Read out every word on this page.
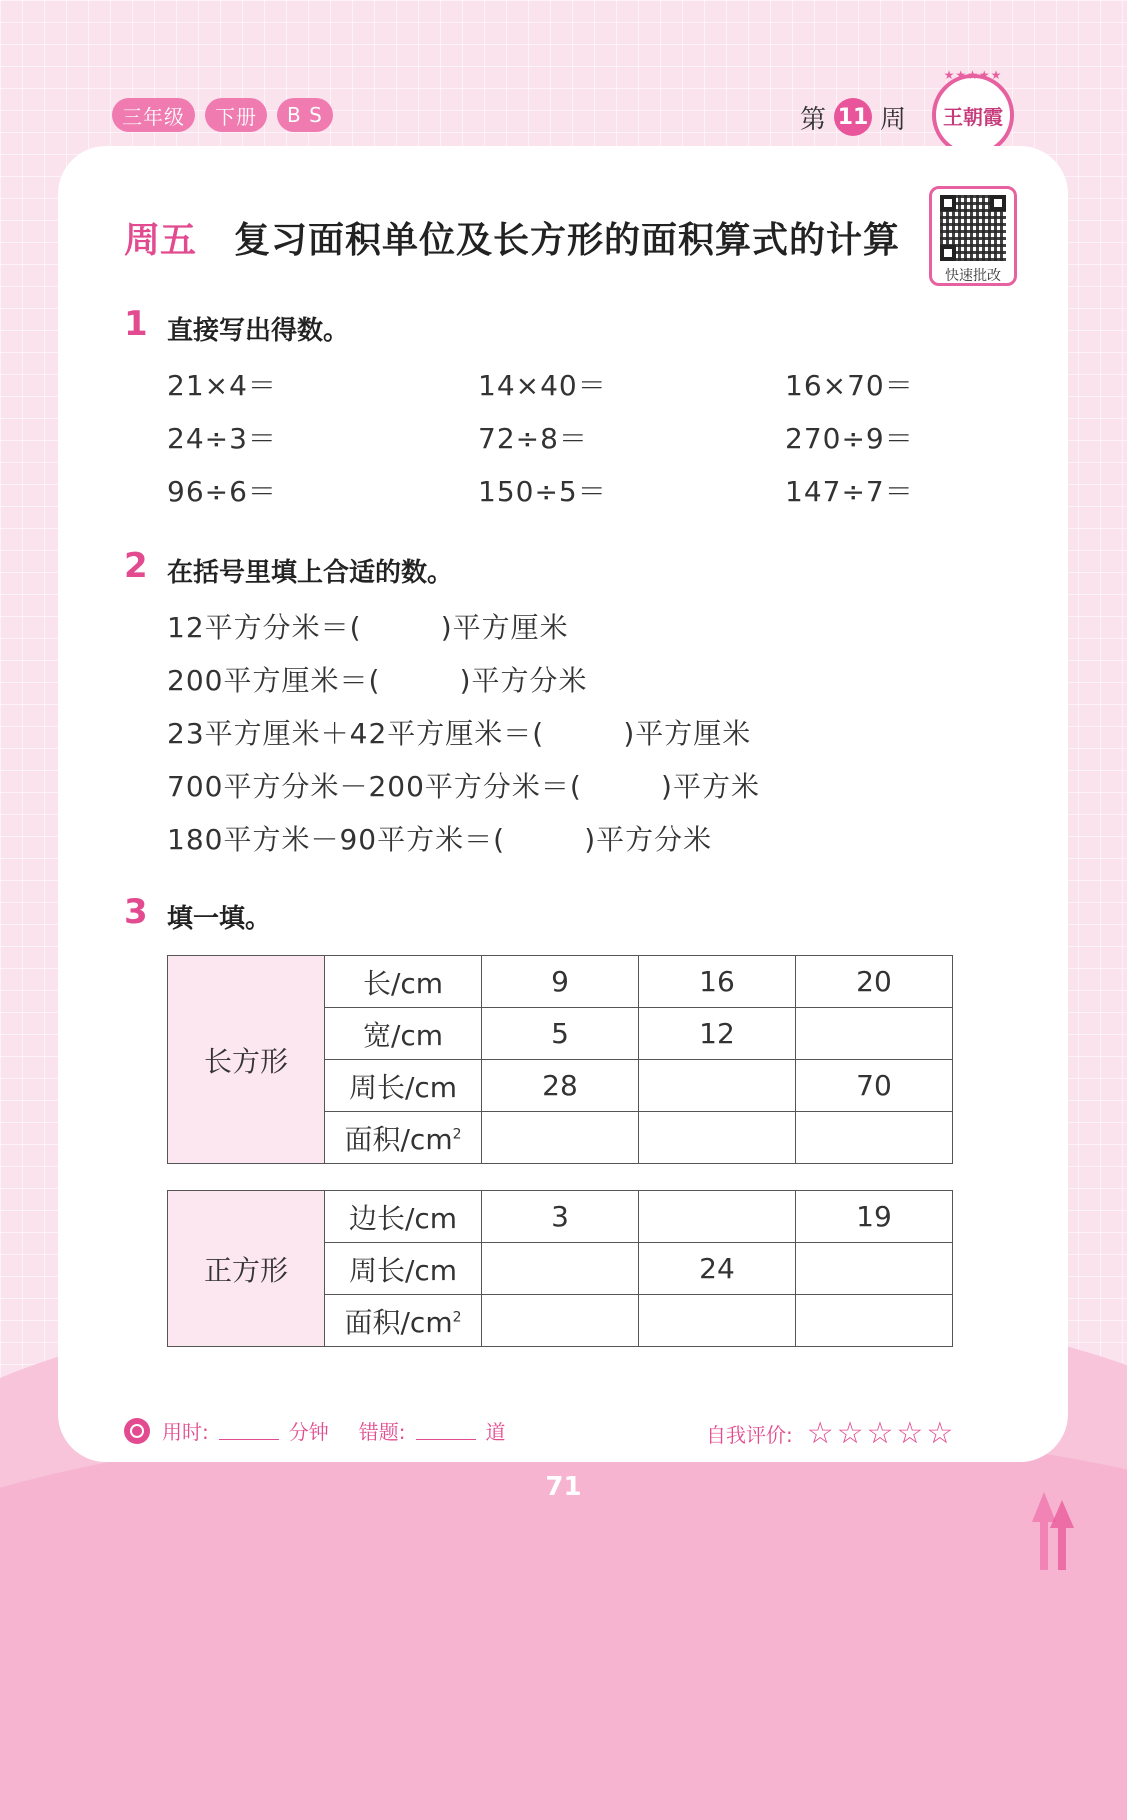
三年级	下册	B S	第 11 周
★★★★★
王朝霞
周五 复习面积单位及长方形的面积算式的计算
快速批改
1 直接写出得数。
21×4＝	14×40＝	16×70＝
24÷3＝	72÷8＝	270÷9＝
96÷6＝	150÷5＝	147÷7＝
2 在括号里填上合适的数。
12平方分米＝(        )平方厘米
200平方厘米＝(        )平方分米
23平方厘米＋42平方厘米＝(        )平方厘米
700平方分米－200平方分米＝(        )平方米
180平方米－90平方米＝(        )平方分米
3 填一填。
长方形	长/cm	9	16	20
	宽/cm	5	12	
	周长/cm	28		70
	面积$/cm^2$			
正方形	边长/cm	3		19
	周长/cm		24	
	面积$/cm^2$			
用时:	分钟 错题:	道	自我评价: ☆☆☆☆☆
71
